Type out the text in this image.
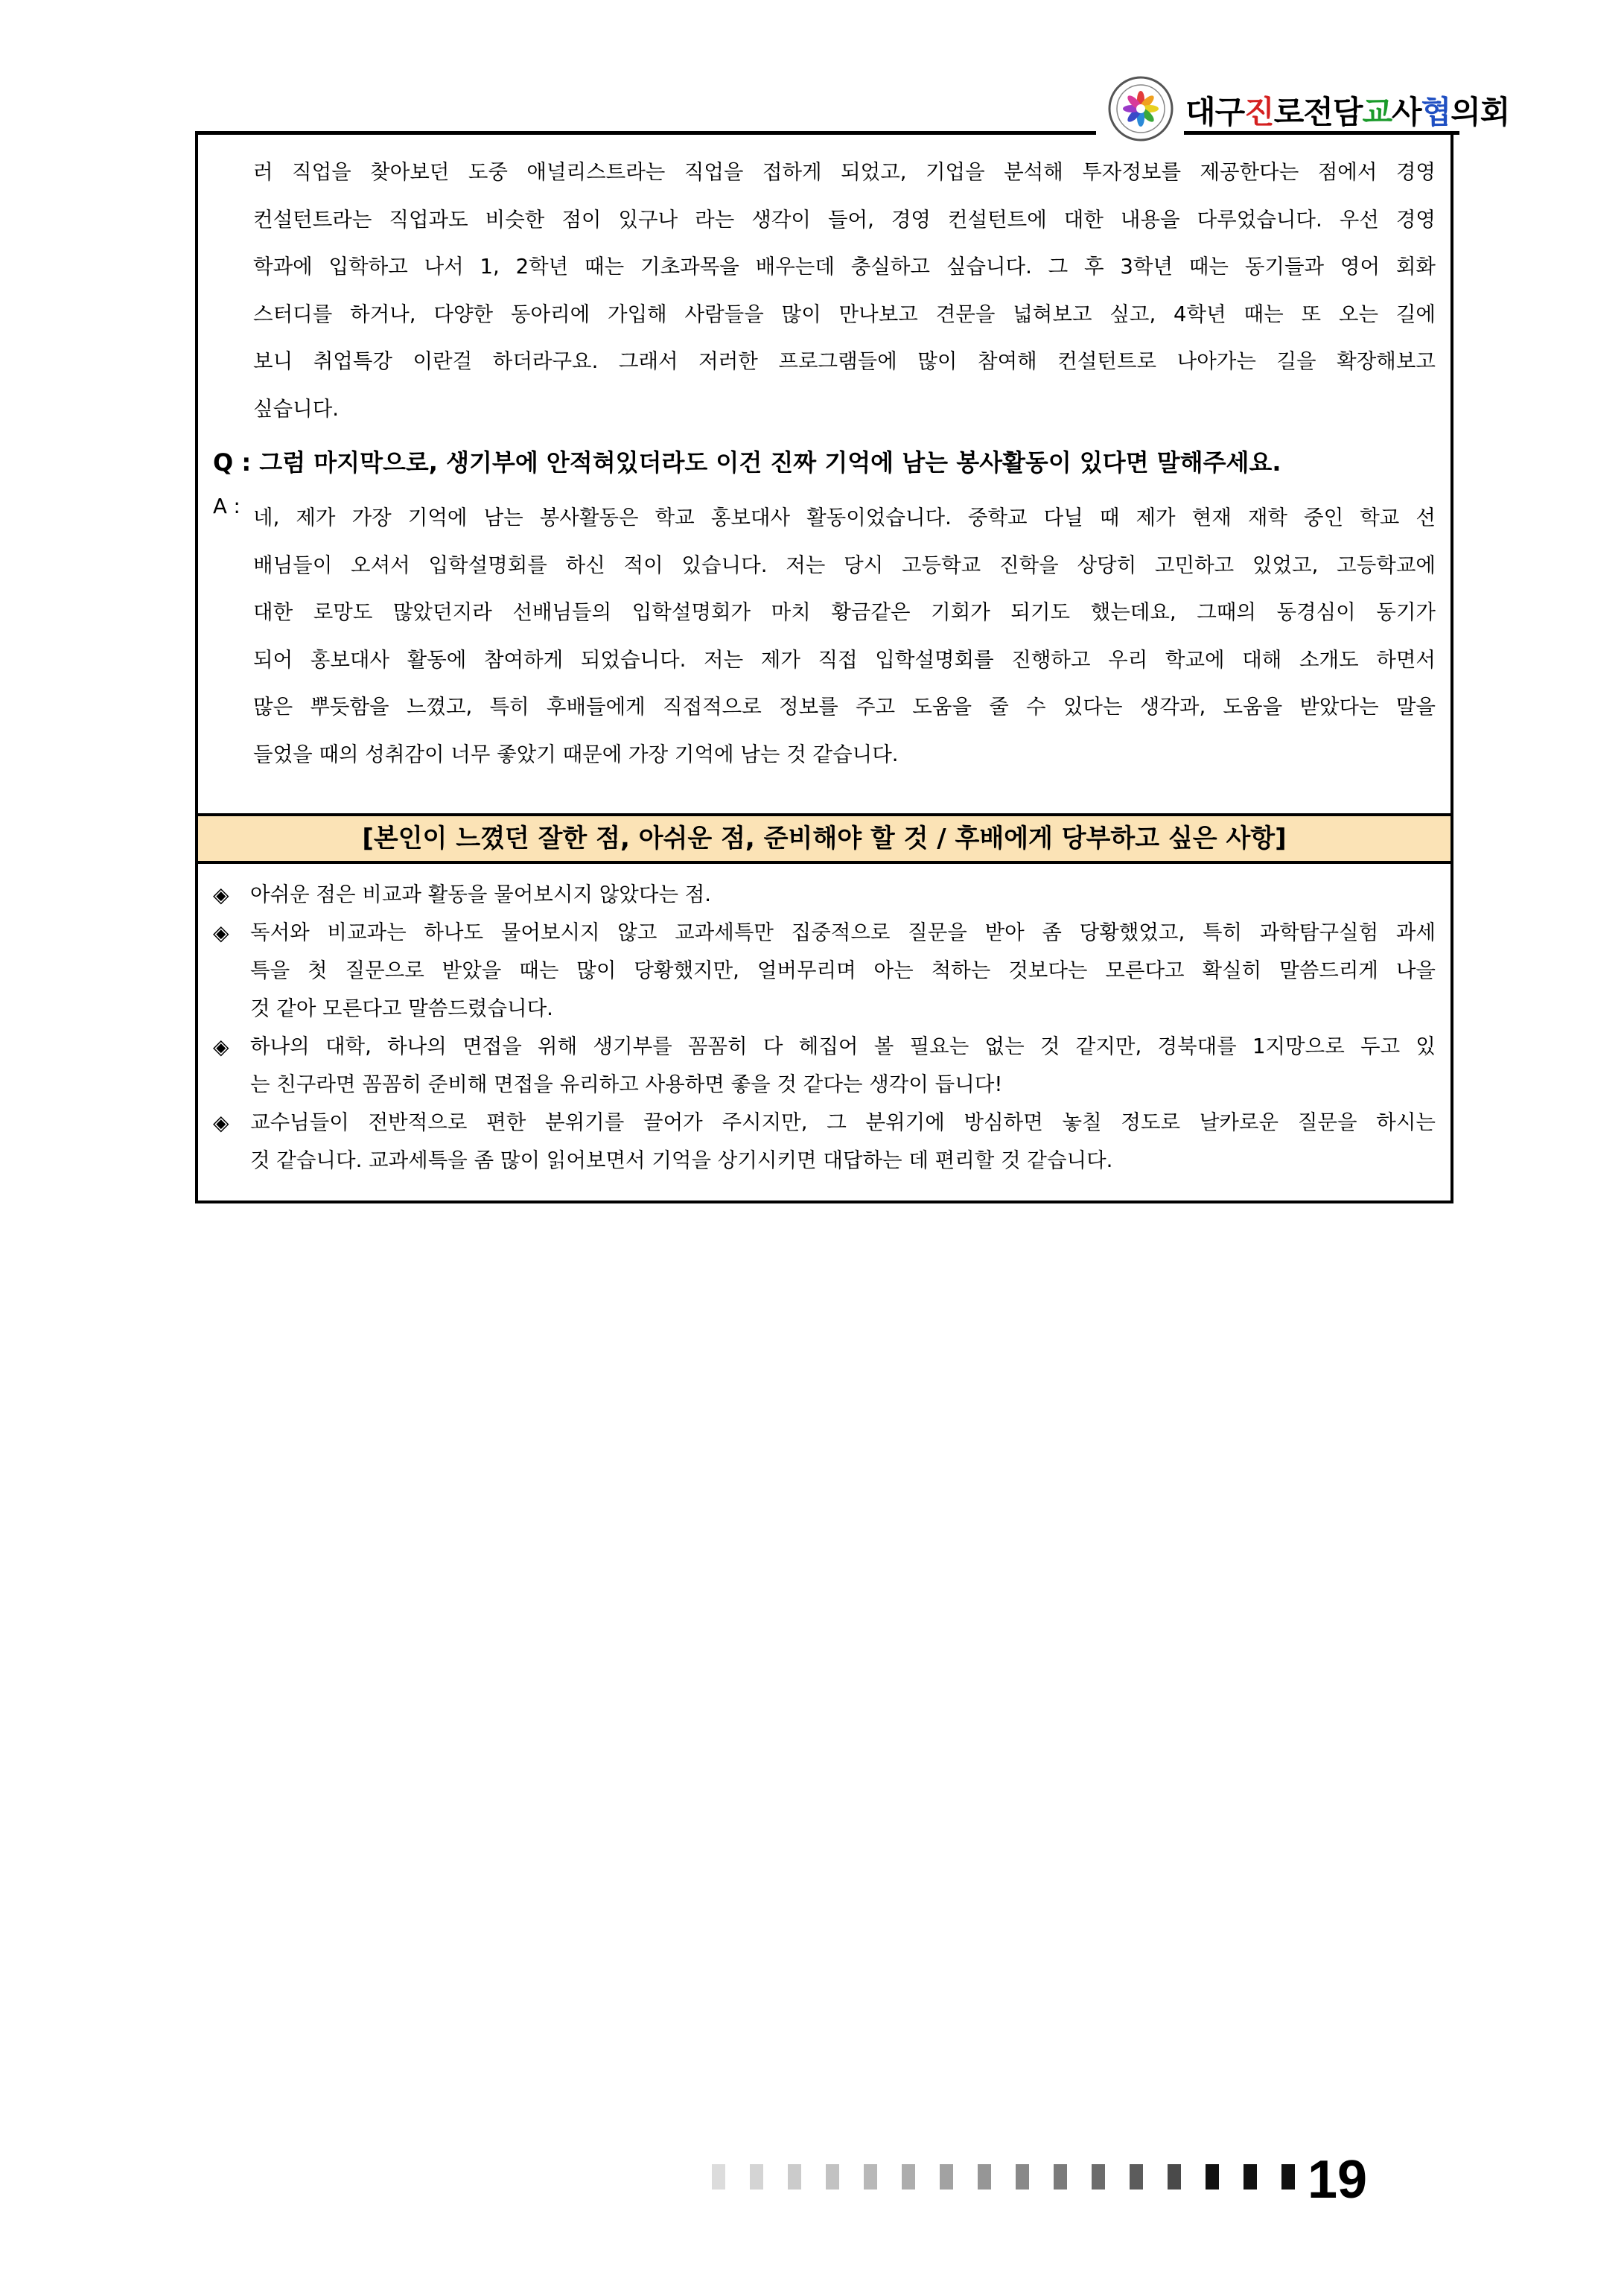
대구진로전담교사협의회
러 직업을 찾아보던 도중 애널리스트라는 직업을 접하게 되었고, 기업을 분석해 투자정보를 제공한다는 점에서 경영
컨설턴트라는 직업과도 비슷한 점이 있구나 라는 생각이 들어, 경영 컨설턴트에 대한 내용을 다루었습니다. 우선 경영
학과에 입학하고 나서 1, 2학년 때는 기초과목을 배우는데 충실하고 싶습니다. 그 후 3학년 때는 동기들과 영어 회화
스터디를 하거나, 다양한 동아리에 가입해 사람들을 많이 만나보고 견문을 넓혀보고 싶고, 4학년 때는 또 오는 길에
보니 취업특강 이란걸 하더라구요. 그래서 저러한 프로그램들에 많이 참여해 컨설턴트로 나아가는 길을 확장해보고
싶습니다.
Q : 그럼 마지막으로, 생기부에 안적혀있더라도 이건 진짜 기억에 남는 봉사활동이 있다면 말해주세요.
A : 네, 제가 가장 기억에 남는 봉사활동은 학교 홍보대사 활동이었습니다. 중학교 다닐 때 제가 현재 재학 중인 학교 선
배님들이 오셔서 입학설명회를 하신 적이 있습니다. 저는 당시 고등학교 진학을 상당히 고민하고 있었고, 고등학교에
대한 로망도 많았던지라 선배님들의 입학설명회가 마치 황금같은 기회가 되기도 했는데요, 그때의 동경심이 동기가
되어 홍보대사 활동에 참여하게 되었습니다. 저는 제가 직접 입학설명회를 진행하고 우리 학교에 대해 소개도 하면서
많은 뿌듯함을 느꼈고, 특히 후배들에게 직접적으로 정보를 주고 도움을 줄 수 있다는 생각과, 도움을 받았다는 말을
들었을 때의 성취감이 너무 좋았기 때문에 가장 기억에 남는 것 같습니다.
[본인이 느꼈던 잘한 점, 아쉬운 점, 준비해야 할 것 / 후배에게 당부하고 싶은 사항]
◈ 아쉬운 점은 비교과 활동을 물어보시지 않았다는 점.
◈ 독서와 비교과는 하나도 물어보시지 않고 교과세특만 집중적으로 질문을 받아 좀 당황했었고, 특히 과학탐구실험 과세
특을 첫 질문으로 받았을 때는 많이 당황했지만, 얼버무리며 아는 척하는 것보다는 모른다고 확실히 말씀드리게 나을
것 같아 모른다고 말씀드렸습니다.
◈ 하나의 대학, 하나의 면접을 위해 생기부를 꼼꼼히 다 헤집어 볼 필요는 없는 것 같지만, 경북대를 1지망으로 두고 있
는 친구라면 꼼꼼히 준비해 면접을 유리하고 사용하면 좋을 것 같다는 생각이 듭니다!
◈ 교수님들이 전반적으로 편한 분위기를 끌어가 주시지만, 그 분위기에 방심하면 놓칠 정도로 날카로운 질문을 하시는
것 같습니다. 교과세특을 좀 많이 읽어보면서 기억을 상기시키면 대답하는 데 편리할 것 같습니다.
19
